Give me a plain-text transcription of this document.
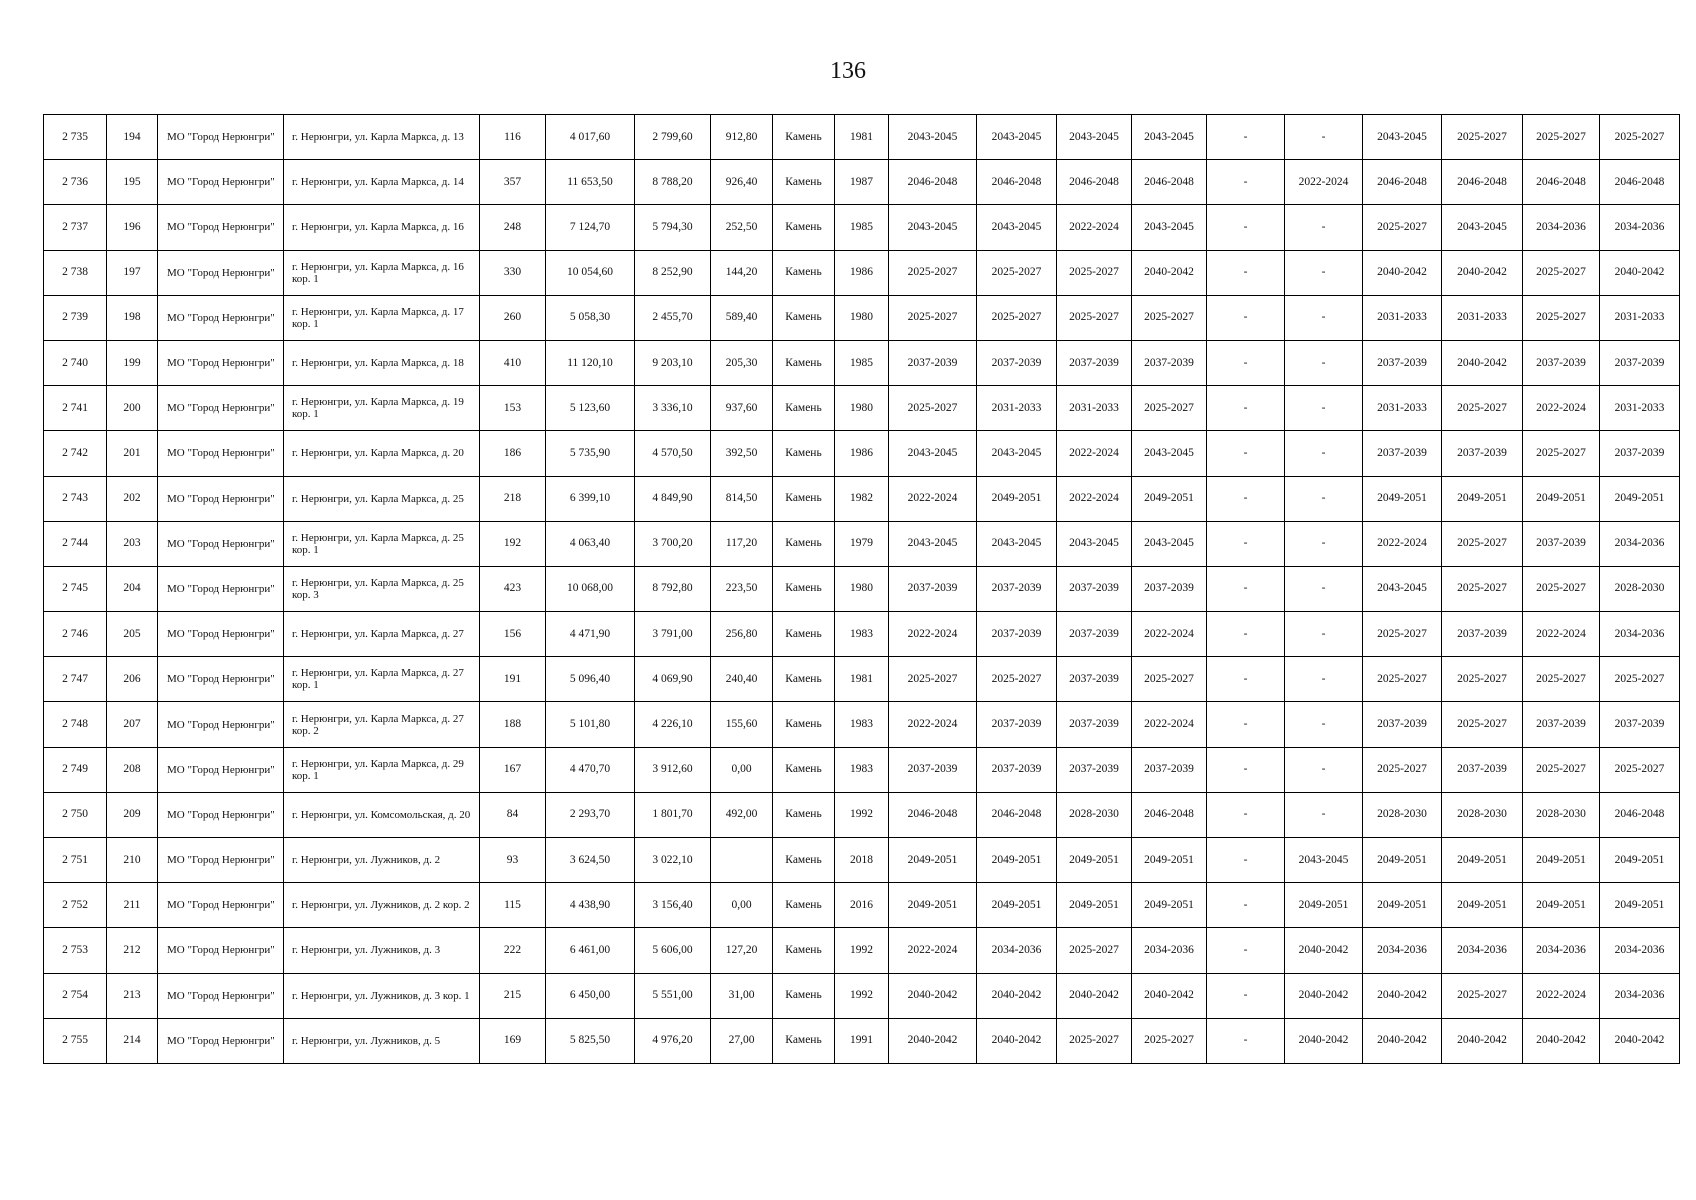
136
2 735	194	МО "Город Нерюнгри"	г. Нерюнгри, ул. Карла Маркса, д. 13	116	4 017,60	2 799,60	912,80	Камень	1981	2043-2045	2043-2045	2043-2045	2043-2045	-	-	2043-2045	2025-2027	2025-2027	2025-2027
2 736	195	МО "Город Нерюнгри"	г. Нерюнгри, ул. Карла Маркса, д. 14	357	11 653,50	8 788,20	926,40	Камень	1987	2046-2048	2046-2048	2046-2048	2046-2048	-	2022-2024	2046-2048	2046-2048	2046-2048	2046-2048
2 737	196	МО "Город Нерюнгри"	г. Нерюнгри, ул. Карла Маркса, д. 16	248	7 124,70	5 794,30	252,50	Камень	1985	2043-2045	2043-2045	2022-2024	2043-2045	-	-	2025-2027	2043-2045	2034-2036	2034-2036
2 738	197	МО "Город Нерюнгри"	г. Нерюнгри, ул. Карла Маркса, д. 16 кор. 1	330	10 054,60	8 252,90	144,20	Камень	1986	2025-2027	2025-2027	2025-2027	2040-2042	-	-	2040-2042	2040-2042	2025-2027	2040-2042
2 739	198	МО "Город Нерюнгри"	г. Нерюнгри, ул. Карла Маркса, д. 17 кор. 1	260	5 058,30	2 455,70	589,40	Камень	1980	2025-2027	2025-2027	2025-2027	2025-2027	-	-	2031-2033	2031-2033	2025-2027	2031-2033
2 740	199	МО "Город Нерюнгри"	г. Нерюнгри, ул. Карла Маркса, д. 18	410	11 120,10	9 203,10	205,30	Камень	1985	2037-2039	2037-2039	2037-2039	2037-2039	-	-	2037-2039	2040-2042	2037-2039	2037-2039
2 741	200	МО "Город Нерюнгри"	г. Нерюнгри, ул. Карла Маркса, д. 19 кор. 1	153	5 123,60	3 336,10	937,60	Камень	1980	2025-2027	2031-2033	2031-2033	2025-2027	-	-	2031-2033	2025-2027	2022-2024	2031-2033
2 742	201	МО "Город Нерюнгри"	г. Нерюнгри, ул. Карла Маркса, д. 20	186	5 735,90	4 570,50	392,50	Камень	1986	2043-2045	2043-2045	2022-2024	2043-2045	-	-	2037-2039	2037-2039	2025-2027	2037-2039
2 743	202	МО "Город Нерюнгри"	г. Нерюнгри, ул. Карла Маркса, д. 25	218	6 399,10	4 849,90	814,50	Камень	1982	2022-2024	2049-2051	2022-2024	2049-2051	-	-	2049-2051	2049-2051	2049-2051	2049-2051
2 744	203	МО "Город Нерюнгри"	г. Нерюнгри, ул. Карла Маркса, д. 25 кор. 1	192	4 063,40	3 700,20	117,20	Камень	1979	2043-2045	2043-2045	2043-2045	2043-2045	-	-	2022-2024	2025-2027	2037-2039	2034-2036
2 745	204	МО "Город Нерюнгри"	г. Нерюнгри, ул. Карла Маркса, д. 25 кор. 3	423	10 068,00	8 792,80	223,50	Камень	1980	2037-2039	2037-2039	2037-2039	2037-2039	-	-	2043-2045	2025-2027	2025-2027	2028-2030
2 746	205	МО "Город Нерюнгри"	г. Нерюнгри, ул. Карла Маркса, д. 27	156	4 471,90	3 791,00	256,80	Камень	1983	2022-2024	2037-2039	2037-2039	2022-2024	-	-	2025-2027	2037-2039	2022-2024	2034-2036
2 747	206	МО "Город Нерюнгри"	г. Нерюнгри, ул. Карла Маркса, д. 27 кор. 1	191	5 096,40	4 069,90	240,40	Камень	1981	2025-2027	2025-2027	2037-2039	2025-2027	-	-	2025-2027	2025-2027	2025-2027	2025-2027
2 748	207	МО "Город Нерюнгри"	г. Нерюнгри, ул. Карла Маркса, д. 27 кор. 2	188	5 101,80	4 226,10	155,60	Камень	1983	2022-2024	2037-2039	2037-2039	2022-2024	-	-	2037-2039	2025-2027	2037-2039	2037-2039
2 749	208	МО "Город Нерюнгри"	г. Нерюнгри, ул. Карла Маркса, д. 29 кор. 1	167	4 470,70	3 912,60	0,00	Камень	1983	2037-2039	2037-2039	2037-2039	2037-2039	-	-	2025-2027	2037-2039	2025-2027	2025-2027
2 750	209	МО "Город Нерюнгри"	г. Нерюнгри, ул. Комсомольская, д. 20	84	2 293,70	1 801,70	492,00	Камень	1992	2046-2048	2046-2048	2028-2030	2046-2048	-	-	2028-2030	2028-2030	2028-2030	2046-2048
2 751	210	МО "Город Нерюнгри"	г. Нерюнгри, ул. Лужников, д. 2	93	3 624,50	3 022,10		Камень	2018	2049-2051	2049-2051	2049-2051	2049-2051	-	2043-2045	2049-2051	2049-2051	2049-2051	2049-2051
2 752	211	МО "Город Нерюнгри"	г. Нерюнгри, ул. Лужников, д. 2 кор. 2	115	4 438,90	3 156,40	0,00	Камень	2016	2049-2051	2049-2051	2049-2051	2049-2051	-	2049-2051	2049-2051	2049-2051	2049-2051	2049-2051
2 753	212	МО "Город Нерюнгри"	г. Нерюнгри, ул. Лужников, д. 3	222	6 461,00	5 606,00	127,20	Камень	1992	2022-2024	2034-2036	2025-2027	2034-2036	-	2040-2042	2034-2036	2034-2036	2034-2036	2034-2036
2 754	213	МО "Город Нерюнгри"	г. Нерюнгри, ул. Лужников, д. 3 кор. 1	215	6 450,00	5 551,00	31,00	Камень	1992	2040-2042	2040-2042	2040-2042	2040-2042	-	2040-2042	2040-2042	2025-2027	2022-2024	2034-2036
2 755	214	МО "Город Нерюнгри"	г. Нерюнгри, ул. Лужников, д. 5	169	5 825,50	4 976,20	27,00	Камень	1991	2040-2042	2040-2042	2025-2027	2025-2027	-	2040-2042	2040-2042	2040-2042	2040-2042	2040-2042
